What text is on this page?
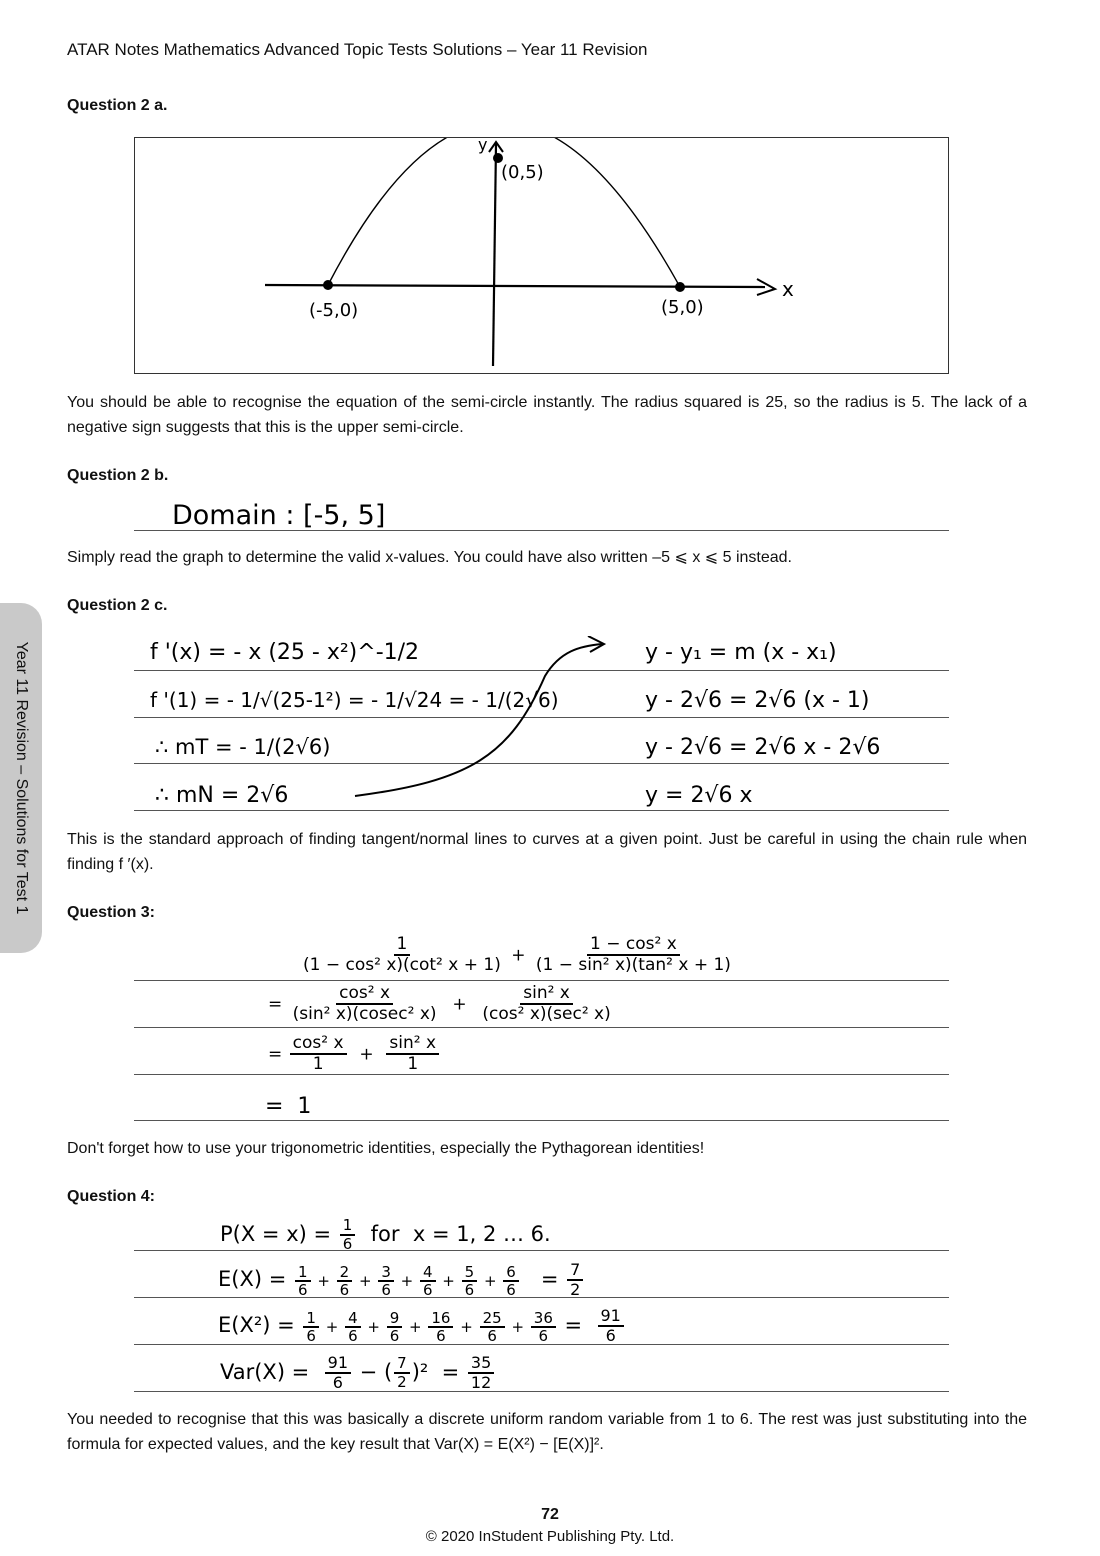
ATAR Notes Mathematics Advanced Topic Tests Solutions – Year 11 Revision
Year 11 Revision – Solutions for Test 1
Question 2 a.
y
x
(0,5)
(-5,0)	(5,0)
You should be able to recognise the equation of the semi-circle instantly. The radius squared is 25, so the radius is 5. The lack of a negative sign suggests that this is the upper semi-circle.
Question 2 b.
Domain : [-5, 5]
Simply read the graph to determine the valid x-values. You could have also written –5 ⩽ x ⩽ 5 instead.
Question 2 c.
f '(x) = - x (25 - x²)^-1/2
f '(1) = - 1/√(25-1²) = - 1/√24 = - 1/(2√6)
∴ mT = - 1/(2√6)
∴ mN = 2√6
y - y₁ = m (x - x₁)
y - 2√6 = 2√6 (x - 1)
y - 2√6 = 2√6 x - 2√6
y = 2√6 x
This is the standard approach of finding tangent/normal lines to curves at a given point. Just be careful in using the chain rule when finding f ′(x).
Question 3:
$\frac{1}{\text{(1 − cos² x)(cot² x + 1)}} + \frac{\text{1 − cos² x}}{\text{(1 − sin² x)(tan² x + 1)}}$
= $\frac{\text{cos² x}}{\text{(sin² x)(cosec² x)}} + \frac{\text{sin² x}}{\text{(cos² x)(sec² x)}}$
= $\frac{\text{cos² x}}{1} + \frac{\text{sin² x}}{1}$
=  1
Don't forget how to use your trigonometric identities, especially the Pythagorean identities!
Question 4:
$P(X = x) = \frac{1}{6}$ for  x = 1, 2 … 6.
$E(X) = \frac{1}{6} + \frac{2}{6} + \frac{3}{6} + \frac{4}{6} + \frac{5}{6} + \frac{6}{6} = \frac{7}{2}$
$E(X^2) = \frac{1}{6} + \frac{4}{6} + \frac{9}{6} + \frac{16}{6} + \frac{25}{6} + \frac{36}{6} = \frac{91}{6}$
$Var(X) = \frac{91}{6}$ − ( $\frac{7}{2} )^2 = \frac{35}{12}$
You needed to recognise that this was basically a discrete uniform random variable from 1 to 6. The rest was just substituting into the formula for expected values, and the key result that Var(X) = E(X²) − [E(X)]².
72
© 2020 InStudent Publishing Pty. Ltd.
